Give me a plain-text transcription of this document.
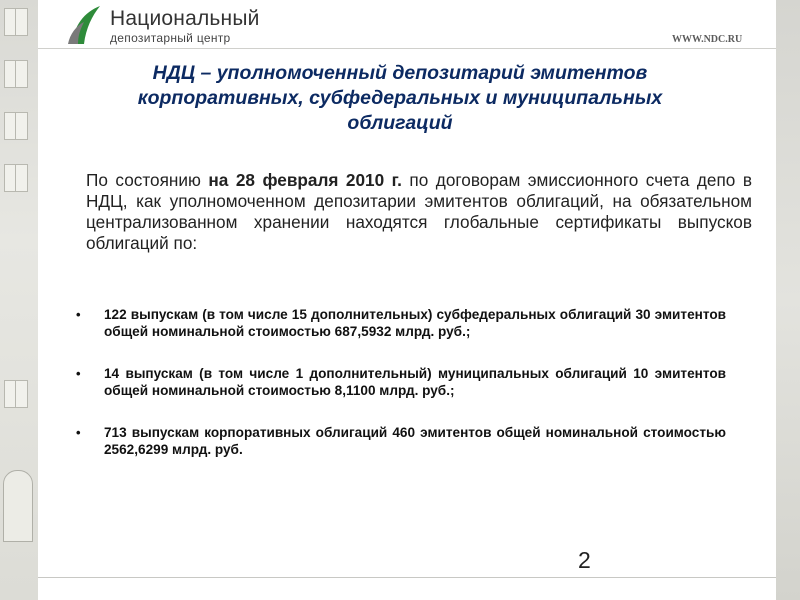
Национальный
депозитарный центр	WWW.NDC.RU
НДЦ – уполномоченный депозитарий эмитентов корпоративных, субфедеральных и муниципальных облигаций
По состоянию на 28 февраля 2010 г. по договорам эмиссионного счета депо в НДЦ, как уполномоченном депозитарии эмитентов облигаций, на обязательном централизованном хранении находятся глобальные сертификаты выпусков облигаций по:
• 122 выпускам (в том числе 15 дополнительных) субфедеральных облигаций 30 эмитентов общей номинальной стоимостью 687,5932 млрд. руб.;
• 14 выпускам (в том числе 1 дополнительный) муниципальных облигаций 10 эмитентов общей номинальной стоимостью 8,1100 млрд. руб.;
• 713 выпускам корпоративных облигаций 460 эмитентов общей номинальной стоимостью 2562,6299 млрд. руб.
2
